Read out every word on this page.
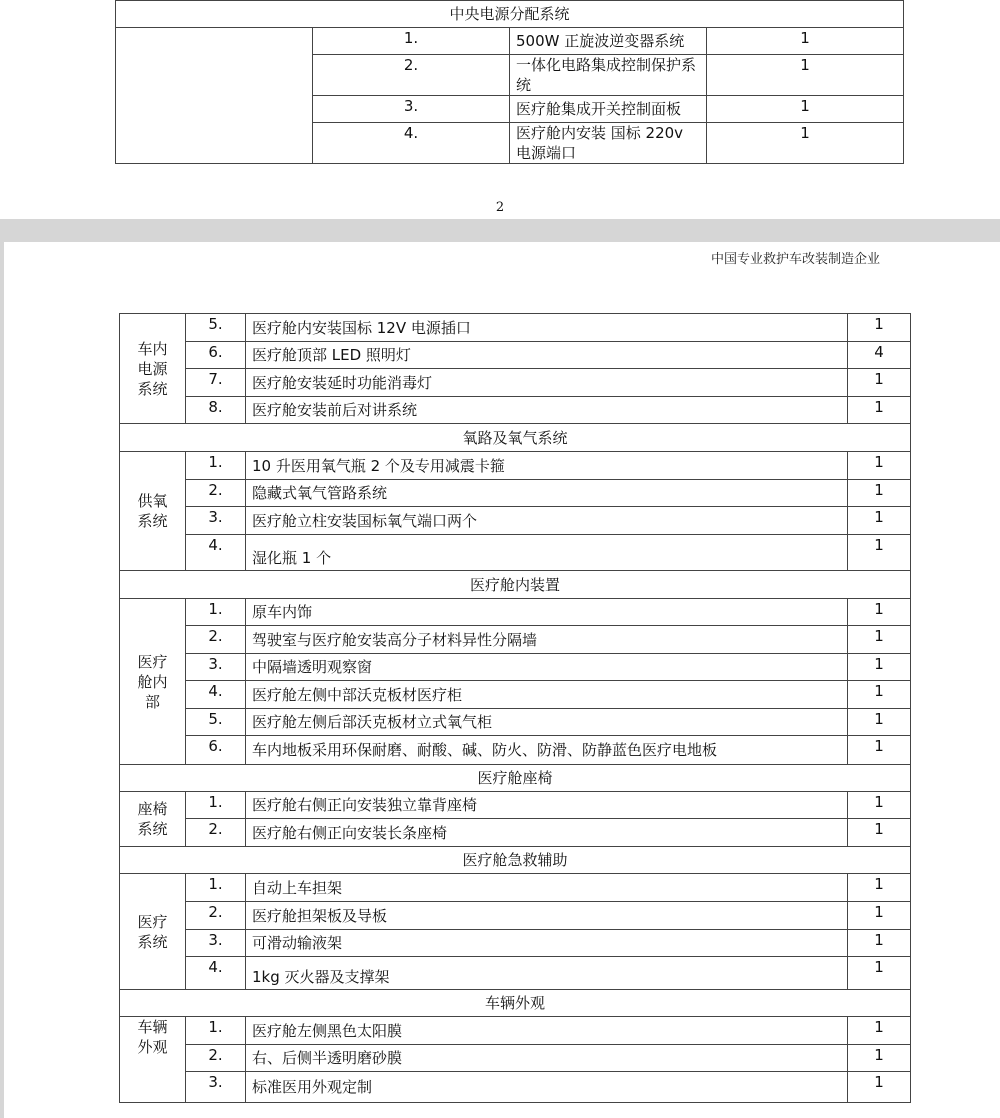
中央电源分配系统			
	1.	500W 正旋波逆变器系统	1
	2.	一体化电路集成控制保护系统	1
	3.	医疗舱集成开关控制面板	1
	4.	医疗舱内安装 国标 220v 电源端口	1
2
中国专业救护车改装制造企业
车内
电源
系统	5.	医疗舱内安装国标 12V 电源插口	1
	6.	医疗舱顶部 LED 照明灯	4
	7.	医疗舱安装延时功能消毒灯	1
	8.	医疗舱安装前后对讲系统	1
氧路及氧气系统			

供氧
系统	1.	10 升医用氧气瓶 2 个及专用减震卡箍	1
	2.	隐藏式氧气管路系统	1
	3.	医疗舱立柱安装国标氧气端口两个	1
	4.	湿化瓶 1 个	1
医疗舱内装置			

医疗
舱内
部	1.	原车内饰	1
	2.	驾驶室与医疗舱安装高分子材料异性分隔墙	1
	3.	中隔墙透明观察窗	1
	4.	医疗舱左侧中部沃克板材医疗柜	1
	5.	医疗舱左侧后部沃克板材立式氧气柜	1
	6.	车内地板采用环保耐磨、耐酸、碱、防火、防滑、防静蓝色医疗电地板	1
医疗舱座椅			

座椅
系统	1.	医疗舱右侧正向安装独立靠背座椅	1
	2.	医疗舱右侧正向安装长条座椅	1
医疗舱急救辅助			

医疗
系统	1.	自动上车担架	1
	2.	医疗舱担架板及导板	1
	3.	可滑动输液架	1
	4.	1kg 灭火器及支撑架	1
车辆外观			

车辆
外观	1.	医疗舱左侧黑色太阳膜	1
	2.	右、后侧半透明磨砂膜	1
	3.	标准医用外观定制	1
